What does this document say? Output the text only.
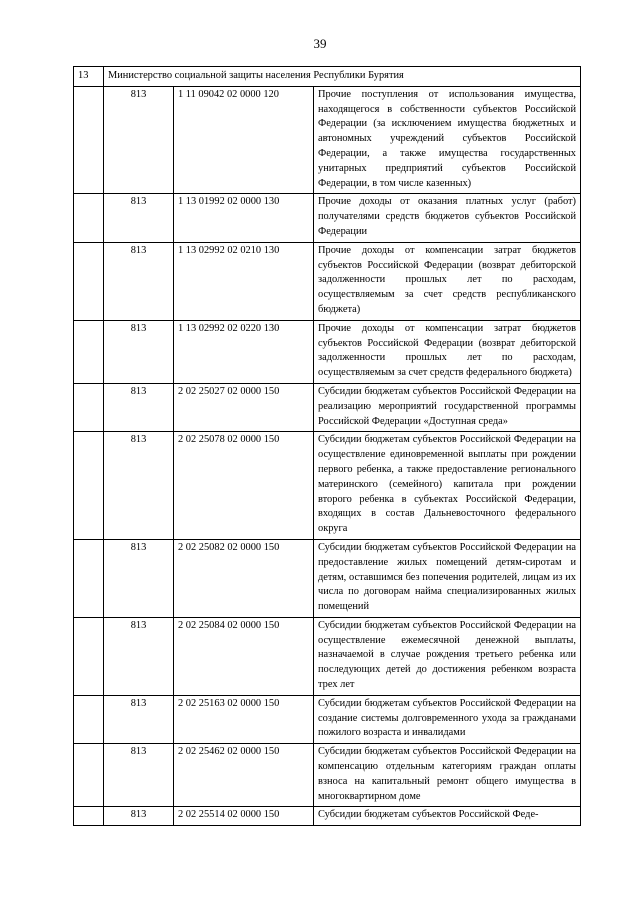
39
13	Министерство социальной защиты населения Республики Бурятия		
	813	1 11 09042 02 0000 120	Прочие поступления от использования имущества, находящегося в собственности субъектов Российской Федерации (за исключением имущества бюджетных и автономных учреждений субъектов Российской Федерации, а также имущества государственных унитарных предприятий субъектов Российской Федерации, в том числе казенных)
	813	1 13 01992 02 0000 130	Прочие доходы от оказания платных услуг (работ) получателями средств бюджетов субъектов Российской Федерации
	813	1 13 02992 02 0210 130	Прочие доходы от компенсации затрат бюджетов субъектов Российской Федерации (возврат дебиторской задолженности прошлых лет по расходам, осуществляемым за счет средств республиканского бюджета)
	813	1 13 02992 02 0220 130	Прочие доходы от компенсации затрат бюджетов субъектов Российской Федерации (возврат дебиторской задолженности прошлых лет по расходам, осуществляемым за счет средств федерального бюджета)
	813	2 02 25027 02 0000 150	Субсидии бюджетам субъектов Российской Федерации на реализацию мероприятий государственной программы Российской Федерации «Доступная среда»
	813	2 02 25078 02 0000 150	Субсидии бюджетам субъектов Российской Федерации на осуществление единовременной выплаты при рождении первого ребенка, а также предоставление регионального материнского (семейного) капитала при рождении второго ребенка в субъектах Российской Федерации, входящих в состав Дальневосточного федерального округа
	813	2 02 25082 02 0000 150	Субсидии бюджетам субъектов Российской Федерации на предоставление жилых помещений детям-сиротам и детям, оставшимся без попечения родителей, лицам из их числа по договорам найма специализированных жилых помещений
	813	2 02 25084 02 0000 150	Субсидии бюджетам субъектов Российской Федерации на осуществление ежемесячной денежной выплаты, назначаемой в случае рождения третьего ребенка или последующих детей до достижения ребенком возраста трех лет
	813	2 02 25163 02 0000 150	Субсидии бюджетам субъектов Российской Федерации на создание системы долговременного ухода за гражданами пожилого возраста и инвалидами
	813	2 02 25462 02 0000 150	Субсидии бюджетам субъектов Российской Федерации на компенсацию отдельным категориям граждан оплаты взноса на капитальный ремонт общего имущества в многоквартирном доме
	813	2 02 25514 02 0000 150	Субсидии бюджетам субъектов Российской Феде-
